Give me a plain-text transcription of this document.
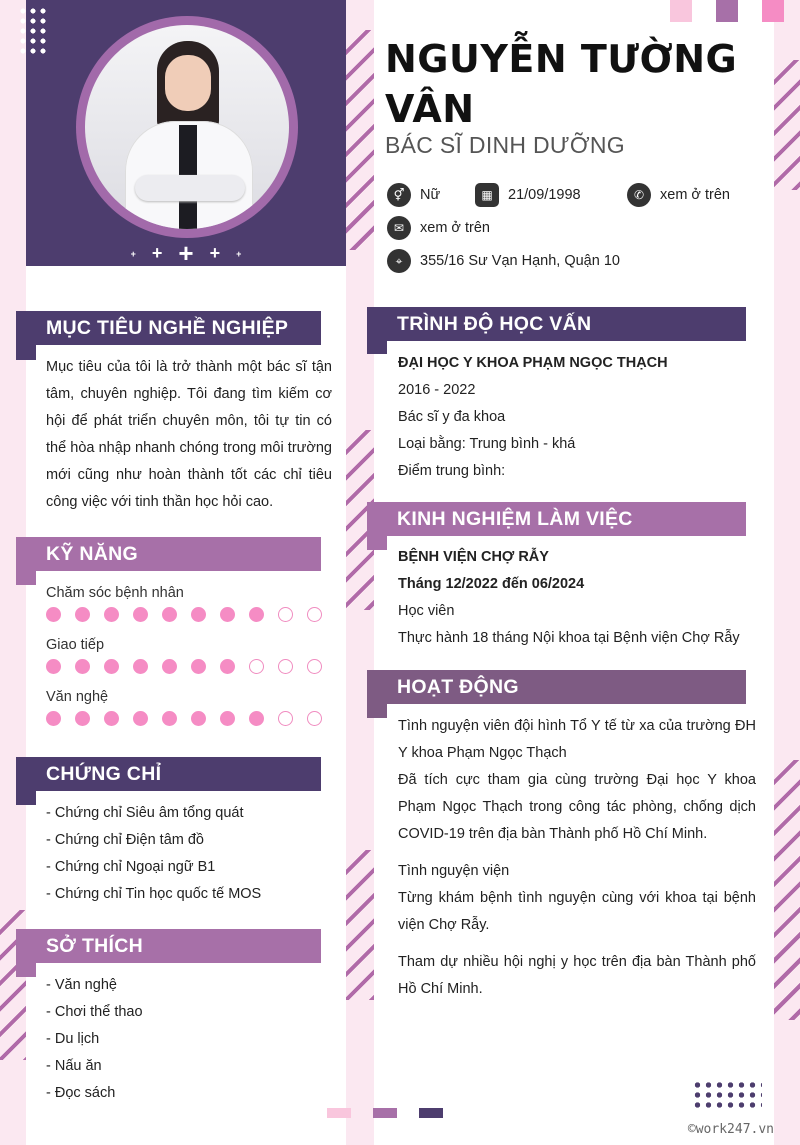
+ + + + +
NGUYỄN TƯỜNG VÂN
BÁC SĨ DINH DƯỠNG
⚥	Nữ	▦	21/09/1998	✆	xem ở trên
✉	xem ở trên
⌖	355/16 Sư Vạn Hạnh, Quận 10
MỤC TIÊU NGHỀ NGHIỆP
Mục tiêu của tôi là trở thành một bác sĩ tận tâm, chuyên nghiệp. Tôi đang tìm kiếm cơ hội để phát triển chuyên môn, tôi tự tin có thể hòa nhập nhanh chóng trong môi trường mới cũng như hoàn thành tốt các chỉ tiêu công việc với tinh thần học hỏi cao.
KỸ NĂNG
Chăm sóc bệnh nhân
Giao tiếp
Văn nghệ
CHỨNG CHỈ
- Chứng chỉ Siêu âm tổng quát
- Chứng chỉ Điện tâm đồ
- Chứng chỉ Ngoại ngữ B1
- Chứng chỉ Tin học quốc tế MOS
SỞ THÍCH
- Văn nghệ
- Chơi thể thao
- Du lịch
- Nấu ăn
- Đọc sách
TRÌNH ĐỘ HỌC VẤN
ĐẠI HỌC Y KHOA PHẠM NGỌC THẠCH
2016 - 2022
Bác sĩ y đa khoa
Loại bằng: Trung bình - khá
Điểm trung bình:
KINH NGHIỆM LÀM VIỆC
BỆNH VIỆN CHỢ RẪY
Tháng 12/2022 đến 06/2024
Học viên
Thực hành 18 tháng Nội khoa tại Bệnh viện Chợ Rẫy
HOẠT ĐỘNG
Tình nguyện viên đội hình Tổ Y tế từ xa của trường ĐH Y khoa Phạm Ngọc Thạch
Đã tích cực tham gia cùng trường Đại học Y khoa Phạm Ngọc Thạch trong công tác phòng, chống dịch COVID-19 trên địa bàn Thành phố Hồ Chí Minh.
Tình nguyện viện
Từng khám bệnh tình nguyện cùng với khoa tại bệnh viện Chợ Rẫy.
Tham dự nhiều hội nghị y học trên địa bàn Thành phố Hồ Chí Minh.
©work247.vn
